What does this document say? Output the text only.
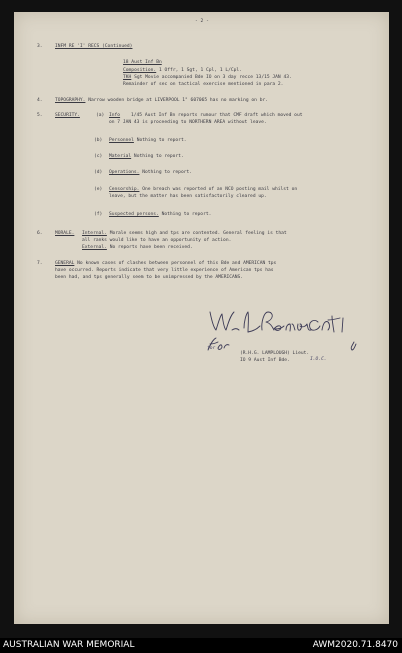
- 2 -
3.	INFM RE 'I' RECS (Continued)
18 Aust Inf Bn
Composition. 1 Offr, 1 Sgt, 1 Cpl, 1 L/Cpl.
TKH Sgt Movie accompanied Bde IO on 3 day recce 13/15 JAN 43.
Remainder of sec on tactical exercise mentioned in para 2.
4.	TOPOGRAPHY. Narrow wooden bridge at LIVERPOOL 1" 607065 has no marking on br.
5.	SECURITY.	(a) Info 1/45 Aust Inf Bn reports rumour that CMF draft which moved out
on 7 JAN 43 is proceeding to NORTHERN AREA without leave.
(b) Personnel Nothing to report.
(c) Material Nothing to report.
(d) Operations. Nothing to report.
(e) Censorship. One breach was reported of an NCO posting mail whilst on
leave, but the matter has been satisfactorily cleared up.
(f) Suspected persons. Nothing to report.
6.	MORALE. Internal. Morale seems high and tps are contented. General feeling is that
all ranks would like to have an opportunity of action.
External. No reports have been received.
7.	GENERAL No known cases of clashes between personnel of this Bde and AMERICAN tps
have occurred. Reports indicate that very little experience of American tps has
been had, and tps generally seem to be unimpressed by the AMERICANS.
for
(R.H.G. LAMPLOUGH) Lieut.
IO 9 Aust Inf Bde.	I.O.C.
AUSTRALIAN WAR MEMORIAL	AWM2020.71.8470
